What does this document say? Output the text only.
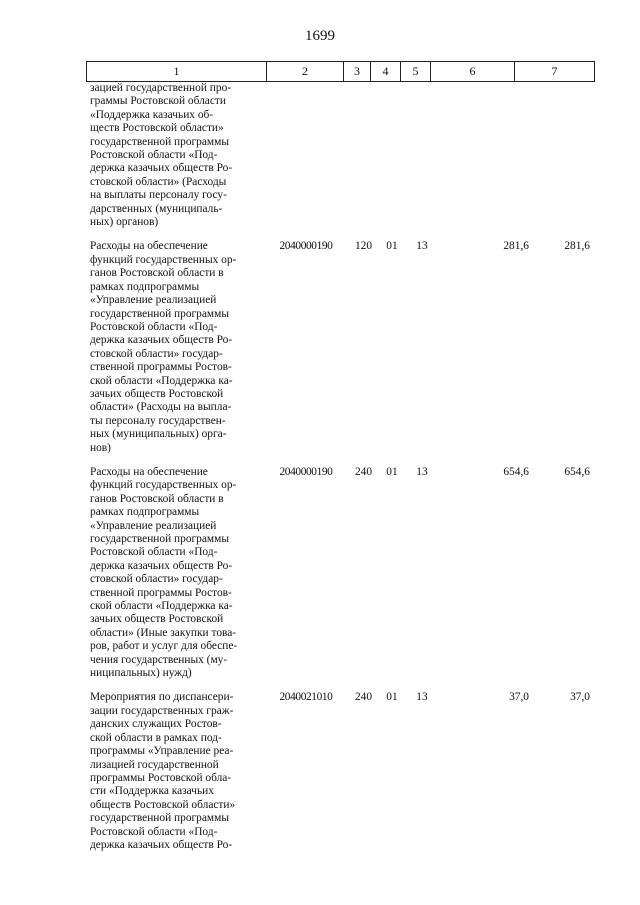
1699
1	2	3	4	5	6	7
зацией государственной про-
граммы Ростовской области
«Поддержка казачьих об-
ществ Ростовской области»
государственной программы
Ростовской области «Под-
держка казачьих обществ Ро-
стовской области» (Расходы
на выплаты персоналу госу-
дарственных (муниципаль-
ных) органов)
Расходы на обеспечение
функций государственных ор-
ганов Ростовской области в
рамках подпрограммы
«Управление реализацией
государственной программы
Ростовской области «Под-
держка казачьих обществ Ро-
стовской области» государ-
ственной программы Ростов-
ской области «Поддержка ка-
зачьих обществ Ростовской
области» (Расходы на выпла-
ты персоналу государствен-
ных (муниципальных) орга-
нов)
2040000190	120	01	13	281,6	281,6
Расходы на обеспечение
функций государственных ор-
ганов Ростовской области в
рамках подпрограммы
«Управление реализацией
государственной программы
Ростовской области «Под-
держка казачьих обществ Ро-
стовской области» государ-
ственной программы Ростов-
ской области «Поддержка ка-
зачьих обществ Ростовской
области» (Иные закупки това-
ров, работ и услуг для обеспе-
чения государственных (му-
ниципальных) нужд)
2040000190	240	01	13	654,6	654,6
Мероприятия по диспансери-
зации государственных граж-
данских служащих Ростов-
ской области в рамках под-
программы «Управление реа-
лизацией государственной
программы Ростовской обла-
сти «Поддержка казачьих
обществ Ростовской области»
государственной программы
Ростовской области «Под-
держка казачьих обществ Ро-
2040021010	240	01	13	37,0	37,0
